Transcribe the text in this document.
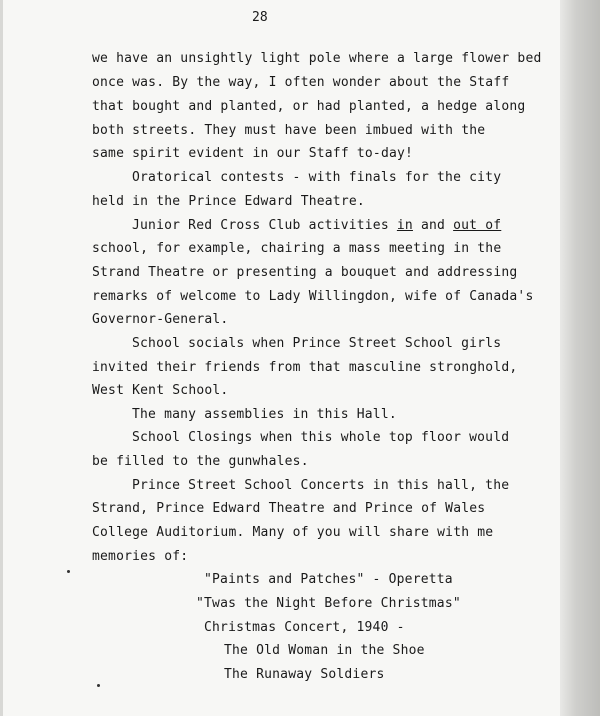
28
we have an unsightly light pole where a large flower bed
once was. By the way, I often wonder about the Staff
that bought and planted, or had planted, a hedge along
both streets. They must have been imbued with the
same spirit evident in our Staff to-day!
Oratorical contests - with finals for the city
held in the Prince Edward Theatre.
Junior Red Cross Club activities in and out of
school, for example, chairing a mass meeting in the
Strand Theatre or presenting a bouquet and addressing
remarks of welcome to Lady Willingdon, wife of Canada's
Governor-General.
School socials when Prince Street School girls
invited their friends from that masculine stronghold,
West Kent School.
The many assemblies in this Hall.
School Closings when this whole top floor would
be filled to the gunwhales.
Prince Street School Concerts in this hall, the
Strand, Prince Edward Theatre and Prince of Wales
College Auditorium. Many of you will share with me
memories of:
"Paints and Patches" - Operetta
"Twas the Night Before Christmas"
Christmas Concert, 1940 -
The Old Woman in the Shoe
The Runaway Soldiers
